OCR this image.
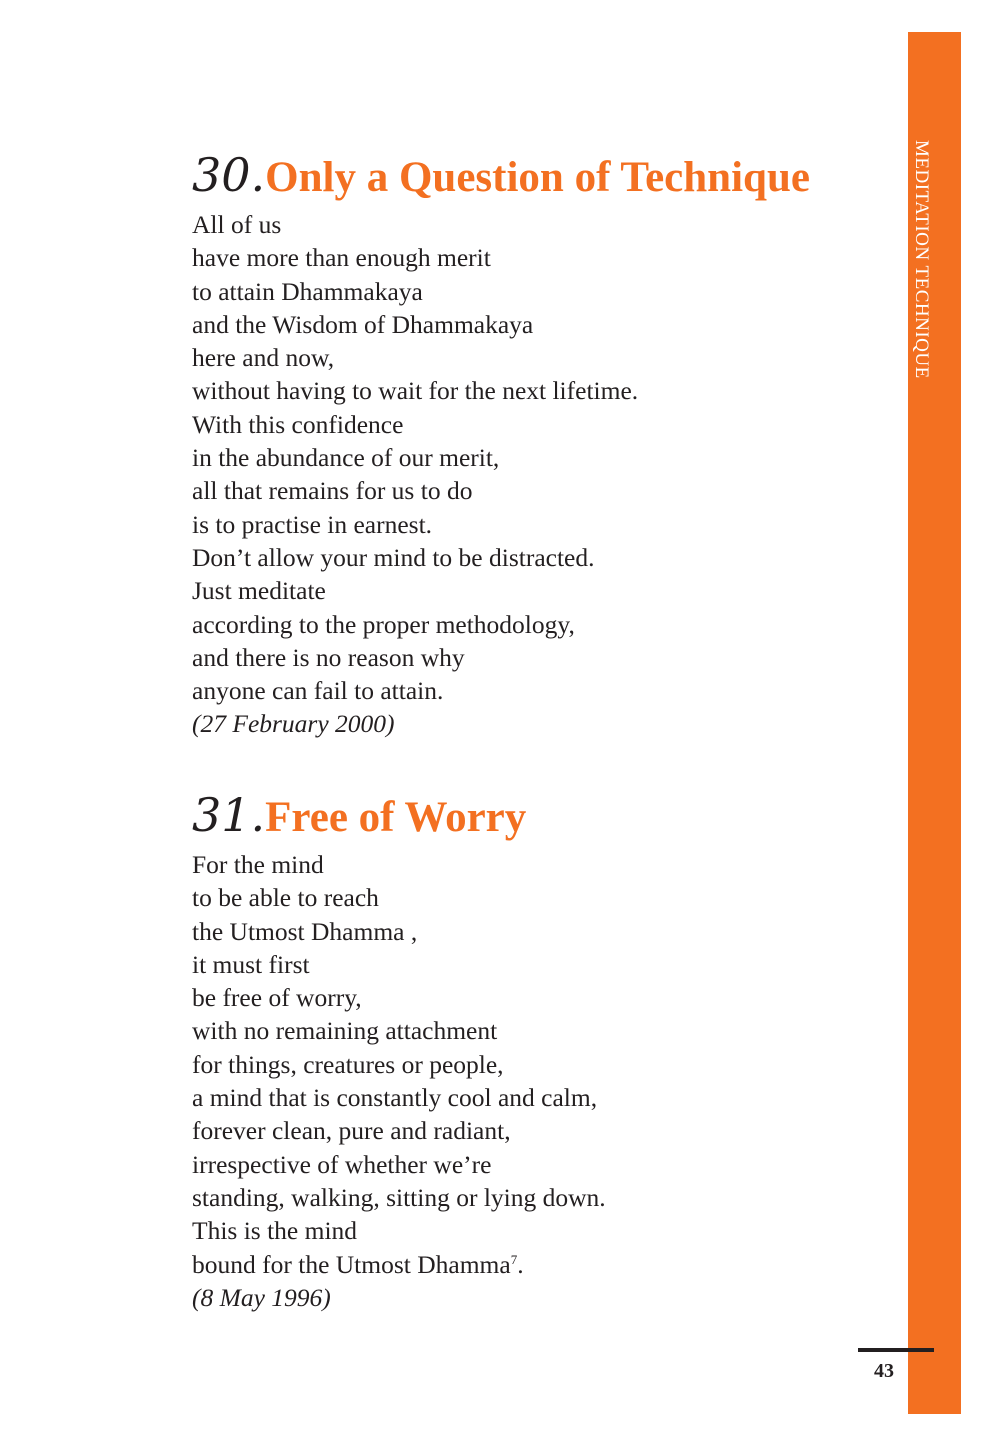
MEDITATION TECHNIQUE
30. Only a Question of Technique
All of us
have more than enough merit
to attain Dhammakaya
and the Wisdom of Dhammakaya
here and now,
without having to wait for the next lifetime.
With this confidence
in the abundance of our merit,
all that remains for us to do
is to practise in earnest.
Don’t allow your mind to be distracted.
Just meditate
according to the proper methodology,
and there is no reason why
anyone can fail to attain.
(27 February 2000)
31. Free of Worry
For the mind
to be able to reach
the Utmost Dhamma ,
it must first
be free of worry,
with no remaining attachment
for things, creatures or people,
a mind that is constantly cool and calm,
forever clean, pure and radiant,
irrespective of whether we’re
standing, walking, sitting or lying down.
This is the mind
bound for the Utmost Dhamma$^7$.
(8 May 1996)
43
